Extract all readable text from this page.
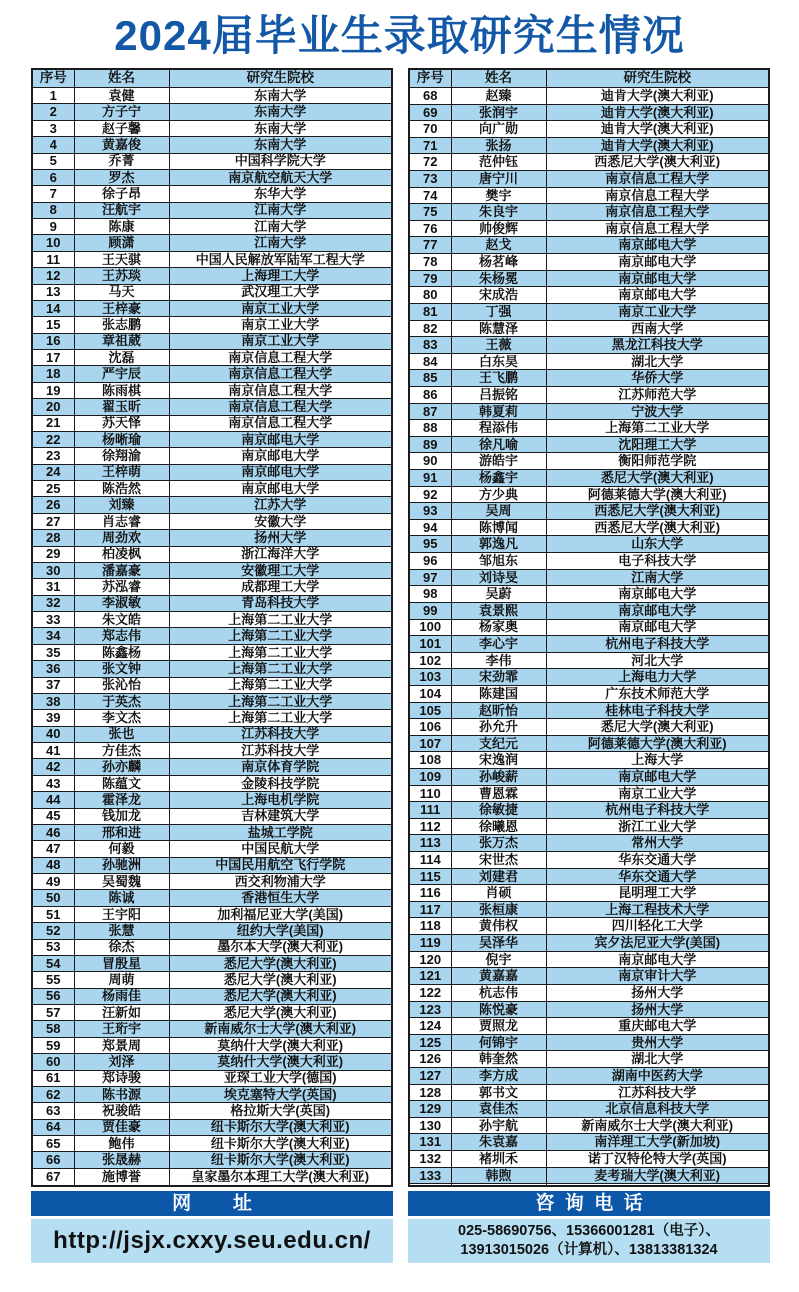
2024届毕业生录取研究生情况
序号	姓名	研究生院校
1	袁健	东南大学
2	方子宁	东南大学
3	赵子馨	东南大学
4	黄嘉俊	东南大学
5	乔菁	中国科学院大学
6	罗杰	南京航空航天大学
7	徐子昂	东华大学
8	汪航宇	江南大学
9	陈康	江南大学
10	顾潇	江南大学
11	王天骐	中国人民解放军陆军工程大学
12	王苏琰	上海理工大学
13	马天	武汉理工大学
14	王梓豪	南京工业大学
15	张志鹏	南京工业大学
16	章祖葳	南京工业大学
17	沈磊	南京信息工程大学
18	严宇辰	南京信息工程大学
19	陈雨棋	南京信息工程大学
20	翟玉昕	南京信息工程大学
21	苏天怿	南京信息工程大学
22	杨晰瑜	南京邮电大学
23	徐翔渝	南京邮电大学
24	王梓萌	南京邮电大学
25	陈浩然	南京邮电大学
26	刘臻	江苏大学
27	肖志睿	安徽大学
28	周劲欢	扬州大学
29	柏凌枫	浙江海洋大学
30	潘嘉豪	安徽理工大学
31	苏泓睿	成都理工大学
32	李淑敏	青岛科技大学
33	朱文皓	上海第二工业大学
34	郑志伟	上海第二工业大学
35	陈鑫杨	上海第二工业大学
36	张文钟	上海第二工业大学
37	张沁怡	上海第二工业大学
38	于英杰	上海第二工业大学
39	李文杰	上海第二工业大学
40	张也	江苏科技大学
41	方佳杰	江苏科技大学
42	孙亦麟	南京体育学院
43	陈蕴文	金陵科技学院
44	霍泽龙	上海电机学院
45	钱加龙	吉林建筑大学
46	邢和进	盐城工学院
47	何毅	中国民航大学
48	孙驰洲	中国民用航空飞行学院
49	吴蜀魏	西交利物浦大学
50	陈诚	香港恒生大学
51	王宇阳	加利福尼亚大学(美国)
52	张慧	纽约大学(美国)
53	徐杰	墨尔本大学(澳大利亚)
54	冒殷星	悉尼大学(澳大利亚)
55	周萌	悉尼大学(澳大利亚)
56	杨雨佳	悉尼大学(澳大利亚)
57	汪新如	悉尼大学(澳大利亚)
58	王珩宇	新南威尔士大学(澳大利亚)
59	郑景周	莫纳什大学(澳大利亚)
60	刘泽	莫纳什大学(澳大利亚)
61	郑诗骏	亚琛工业大学(德国)
62	陈书源	埃克塞特大学(英国)
63	祝骏皓	格拉斯大学(英国)
64	贾佳豪	纽卡斯尔大学(澳大利亚)
65	鲍伟	纽卡斯尔大学(澳大利亚)
66	张晟赫	纽卡斯尔大学(澳大利亚)
67	施博誉	皇家墨尔本理工大学(澳大利亚)
序号	姓名	研究生院校
68	赵臻	迪肯大学(澳大利亚)
69	张润宇	迪肯大学(澳大利亚)
70	向广勋	迪肯大学(澳大利亚)
71	张扬	迪肯大学(澳大利亚)
72	范仲钰	西悉尼大学(澳大利亚)
73	唐宁川	南京信息工程大学
74	樊宇	南京信息工程大学
75	朱良宇	南京信息工程大学
76	帅俊辉	南京信息工程大学
77	赵戈	南京邮电大学
78	杨茗峰	南京邮电大学
79	朱杨冕	南京邮电大学
80	宋成浩	南京邮电大学
81	丁强	南京工业大学
82	陈慧泽	西南大学
83	王薇	黑龙江科技大学
84	白东昊	湖北大学
85	王飞鹏	华侨大学
86	吕振铭	江苏师范大学
87	韩夏莉	宁波大学
88	程添伟	上海第二工业大学
89	徐凡喻	沈阳理工大学
90	游皓宇	衡阳师范学院
91	杨鑫宇	悉尼大学(澳大利亚)
92	方少典	阿德莱德大学(澳大利亚)
93	吴周	西悉尼大学(澳大利亚)
94	陈博闻	西悉尼大学(澳大利亚)
95	郭逸凡	山东大学
96	邹旭东	电子科技大学
97	刘诗旻	江南大学
98	吴蔚	南京邮电大学
99	袁景熙	南京邮电大学
100	杨家奥	南京邮电大学
101	李心宇	杭州电子科技大学
102	李伟	河北大学
103	宋劲霏	上海电力大学
104	陈建国	广东技术师范大学
105	赵昕怡	桂林电子科技大学
106	孙允升	悉尼大学(澳大利亚)
107	支纪元	阿德莱德大学(澳大利亚)
108	宋逸润	上海大学
109	孙峻薪	南京邮电大学
110	曹恩霖	南京工业大学
111	徐敏捷	杭州电子科技大学
112	徐曦恩	浙江工业大学
113	张万杰	常州大学
114	宋世杰	华东交通大学
115	刘建君	华东交通大学
116	肖硕	昆明理工大学
117	张桓康	上海工程技术大学
118	黄伟权	四川轻化工大学
119	吴泽华	宾夕法尼亚大学(美国)
120	倪宇	南京邮电大学
121	黄嘉嘉	南京审计大学
122	杭志伟	扬州大学
123	陈悦豪	扬州大学
124	贾照龙	重庆邮电大学
125	何锦宇	贵州大学
126	韩奎然	湖北大学
127	李方成	湖南中医药大学
128	郭书文	江苏科技大学
129	袁佳杰	北京信息科技大学
130	孙宇航	新南威尔士大学(澳大利亚)
131	朱袁嘉	南洋理工大学(新加坡)
132	褚圳禾	诺丁汉特伦特大学(英国)
133	韩煦	麦考瑞大学(澳大利亚)

网址
http://jsjx.cxxy.seu.edu.cn/
咨询电话
025-58690756、15366001281（电子）、
13913015026（计算机）、13813381324
